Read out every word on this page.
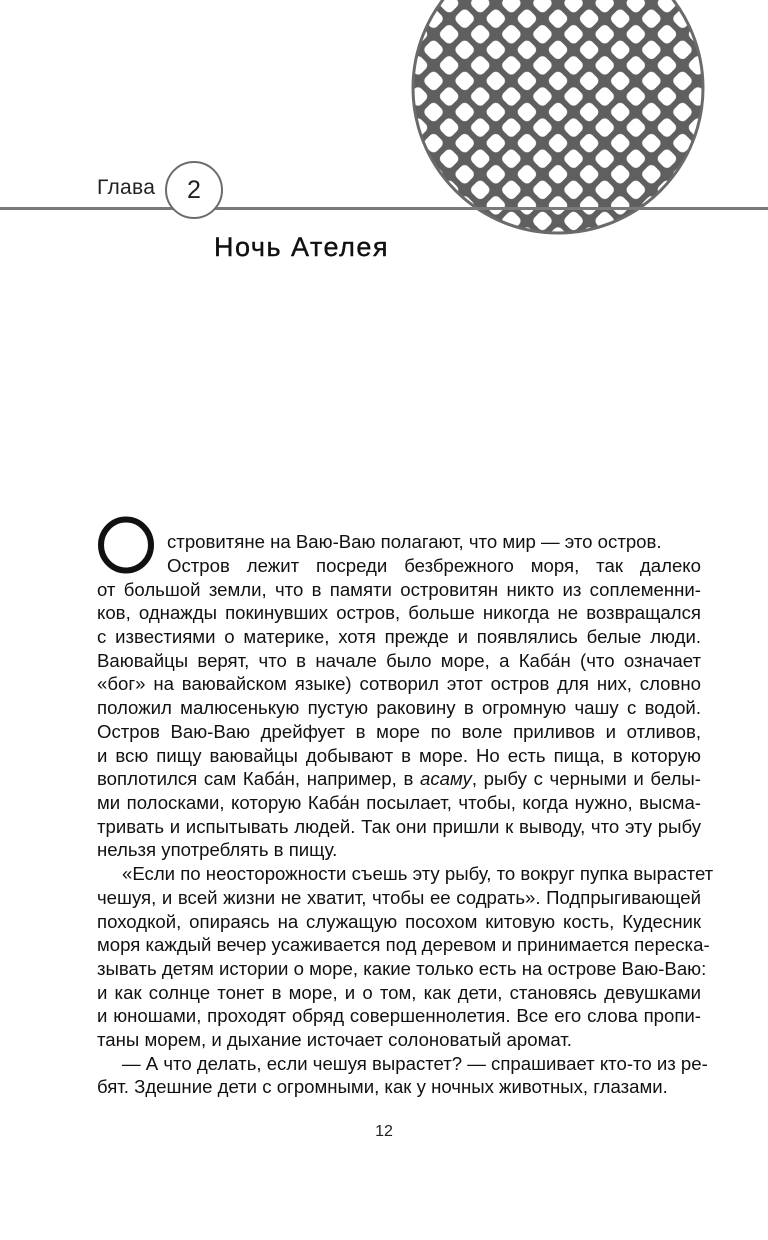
Глава 2
Ночь Ателея
стровитяне на Ваю-Ваю полагают, что мир — это остров.
Остров лежит посреди безбрежного моря, так далеко
от большой земли, что в памяти островитян никто из соплеменни-
ков, однажды покинувших остров, больше никогда не возвращался
с известиями о материке, хотя прежде и появлялись белые люди.
Ваювайцы верят, что в начале было море, а Каба́н (что означает
«бог» на ваювайском языке) сотворил этот остров для них, словно
положил малюсенькую пустую раковину в огромную чашу с водой.
Остров Ваю-Ваю дрейфует в море по воле приливов и отливов,
и всю пищу ваювайцы добывают в море. Но есть пища, в которую
воплотился сам Каба́н, например, в асаму, рыбу с черными и белы-
ми полосками, которую Каба́н посылает, чтобы, когда нужно, высма-
тривать и испытывать людей. Так они пришли к выводу, что эту рыбу
нельзя употреблять в пищу.
«Если по неосторожности съешь эту рыбу, то вокруг пупка вырастет
чешуя, и всей жизни не хватит, чтобы ее содрать». Подпрыгивающей
походкой, опираясь на служащую посохом китовую кость, Кудесник
моря каждый вечер усаживается под деревом и принимается переска-
зывать детям истории о море, какие только есть на острове Ваю-Ваю:
и как солнце тонет в море, и о том, как дети, становясь девушками
и юношами, проходят обряд совершеннолетия. Все его слова пропи-
таны морем, и дыхание источает солоноватый аромат.
— А что делать, если чешуя вырастет? — спрашивает кто-то из ре-
бят. Здешние дети с огромными, как у ночных животных, глазами.
12
